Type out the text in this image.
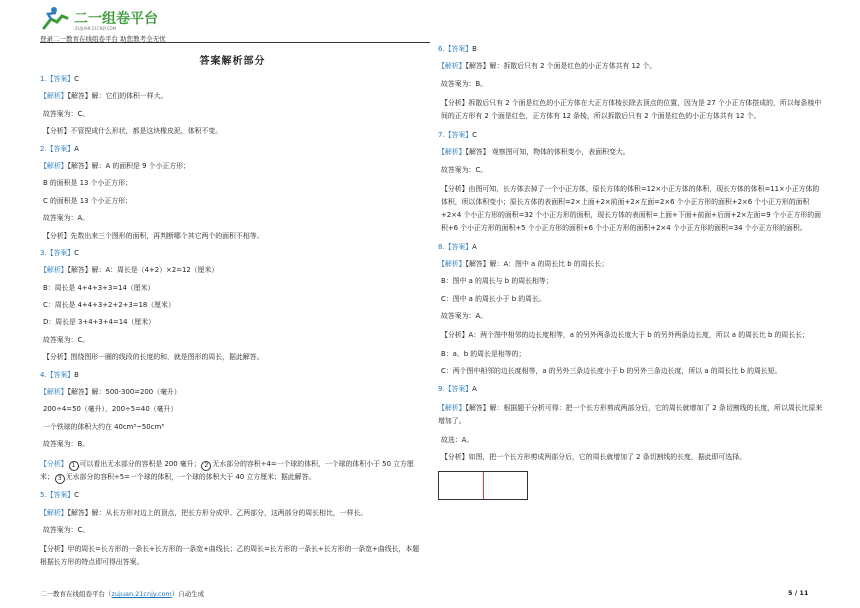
二一组卷平台
ZUJUAN.21CNJY.COM
登录二一教育在线组卷平台 助您教考全无忧
答案解析部分
1.【答案】C
【解析】【解答】解：它们的体积一样大。
故答案为：C。
【分析】不管捏成什么形状，都是这块橡皮泥，体积不变。
2.【答案】A
【解析】【解答】解：A 的面积是 9 个小正方形；
B 的面积是 13 个小正方形；
C 的面积是 13 个小正方形；
故答案为：A。
【分析】先数出来三个图形的面积，再判断哪个其它两个的面积不相等。
3.【答案】C
【解析】【解答】解：A：周长是（4+2）×2=12（厘米）
B：周长是 4+4+3+3=14（厘米）
C：周长是 4+4+3+2+2+3=18（厘米）
D：周长是 3+4+3+4=14（厘米）
故答案为：C。
【分析】围绕图形一圈的线段的长度的和，就是图形的周长，据此解答。
4.【答案】B
【解析】【解答】解：500-300=200（毫升）
200÷4=50（毫升），200÷5=40（毫升）
一个铁球的体积大约在 40cm³~50cm³
故答案为：B。
【分析】 1 可以看出无水部分的容积是 200 毫升； 2 无水部分的容积÷4=一个球的体积，一个球的体积小于 50 立方厘米； 3 无水部分的容积÷5=一个球的体积，一个球的体积大于 40 立方厘米；据此解答。
5.【答案】C
【解析】【解答】解：从长方形对边上的顶点，把长方形分成甲、乙两部分，这两部分的周长相比，一样长。
故答案为：C。
【分析】甲的周长=长方形的一条长+长方形的一条宽+曲线长；乙的周长=长方形的一条长+长方形的一条宽+曲线长，本题根据长方形的特点即可得出答案。
6.【答案】B
【解析】【解答】解：拆散后只有 2 个面是红色的小正方体共有 12 个。
故答案为：B。
【分析】拆散后只有 2 个面是红色的小正方体在大正方体棱长除去顶点的位置，因为是 27 个小正方体搭成的，所以每条棱中间的正方形有 2 个面是红色，正方体有 12 条棱，所以拆散后只有 2 个面是红色的小正方体共有 12 个。
7.【答案】C
【解析】【解答】 观察图可知，物体的体积变小，表面积变大。
故答案为：C。
【分析】由图可知，长方体去掉了一个小正方体，原长方体的体积=12×小正方体的体积，现长方体的体积=11×小正方体的体积，所以体积变小；原长方体的表面积=2×上面+2×前面+2×左面=2×6 个小正方形的面积+2×6 个小正方形的面积+2×4 个小正方形的面积=32 个小正方形的面积，现长方体的表面积=上面+下面+前面+后面+2×左面=9 个小正方形的面积+6 个小正方形的面积+5 个小正方形的面积+6 个小正方形的面积+2×4 个小正方形的面积=34 个小正方形的面积。
8.【答案】A
【解析】【解答】解：A：图中 a 的周长比 b 的周长长；
B：图中 a 的周长与 b 的周长相等；
C：图中 a 的周长小于 b 的周长。
故答案为：A。
【分析】A：两个图中相邻的边长度相等，a 的另外两条边长度大于 b 的另外两条边长度，所以 a 的周长比 b 的周长长；
B：a、b 的周长是相等的；
C：两个图中相邻的边长度相等，a 的另外三条边长度小于 b 的另外三条边长度，所以 a 的周长比 b 的周长短。
9.【答案】A
【解析】【解答】解：根据题干分析可得：把一个长方形剪成两部分后，它的周长就增加了 2 条切割线的长度，所以周长比原来增加了。
故选：A。
【分析】如图，把一个长方形剪成两部分后，它的周长就增加了 2 条切割线的长度，据此即可选择。
二一教育在线组卷平台（zujuan.21cnjy.com）自动生成	5 / 11
